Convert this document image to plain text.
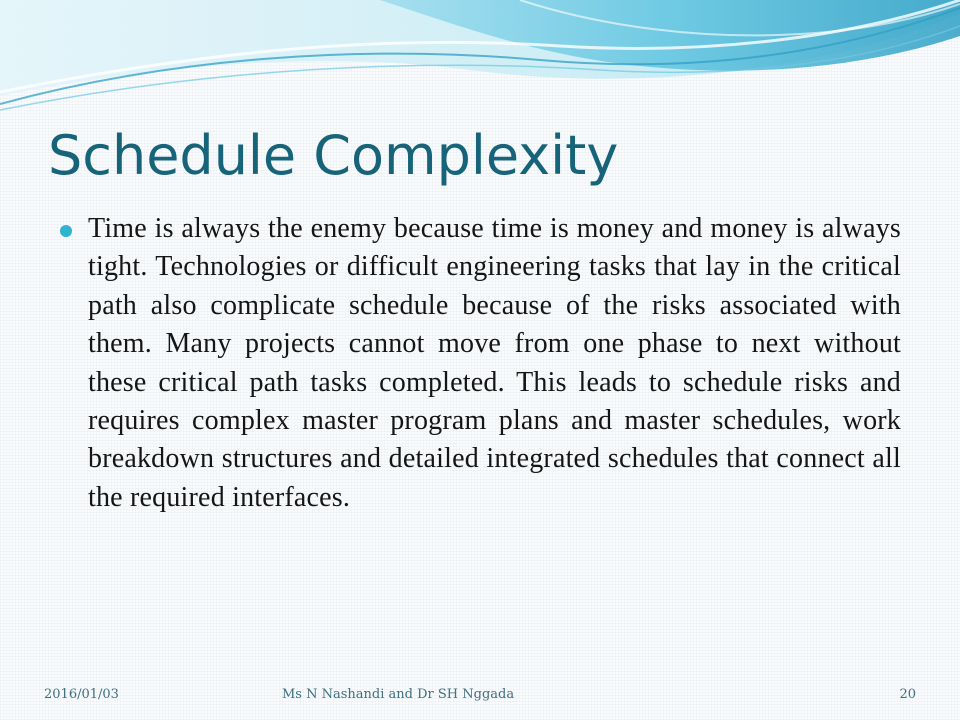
Schedule Complexity
Time is always the enemy because time is money and money is always tight. Technologies or difficult engineering tasks that lay in the critical path also complicate schedule because of the risks associated with them. Many projects cannot move from one phase to next without these critical path tasks completed. This leads to schedule risks and requires complex master program plans and master schedules, work breakdown structures and detailed integrated schedules that connect all the required interfaces.
2016/01/03	Ms N Nashandi and Dr SH Nggada	20
